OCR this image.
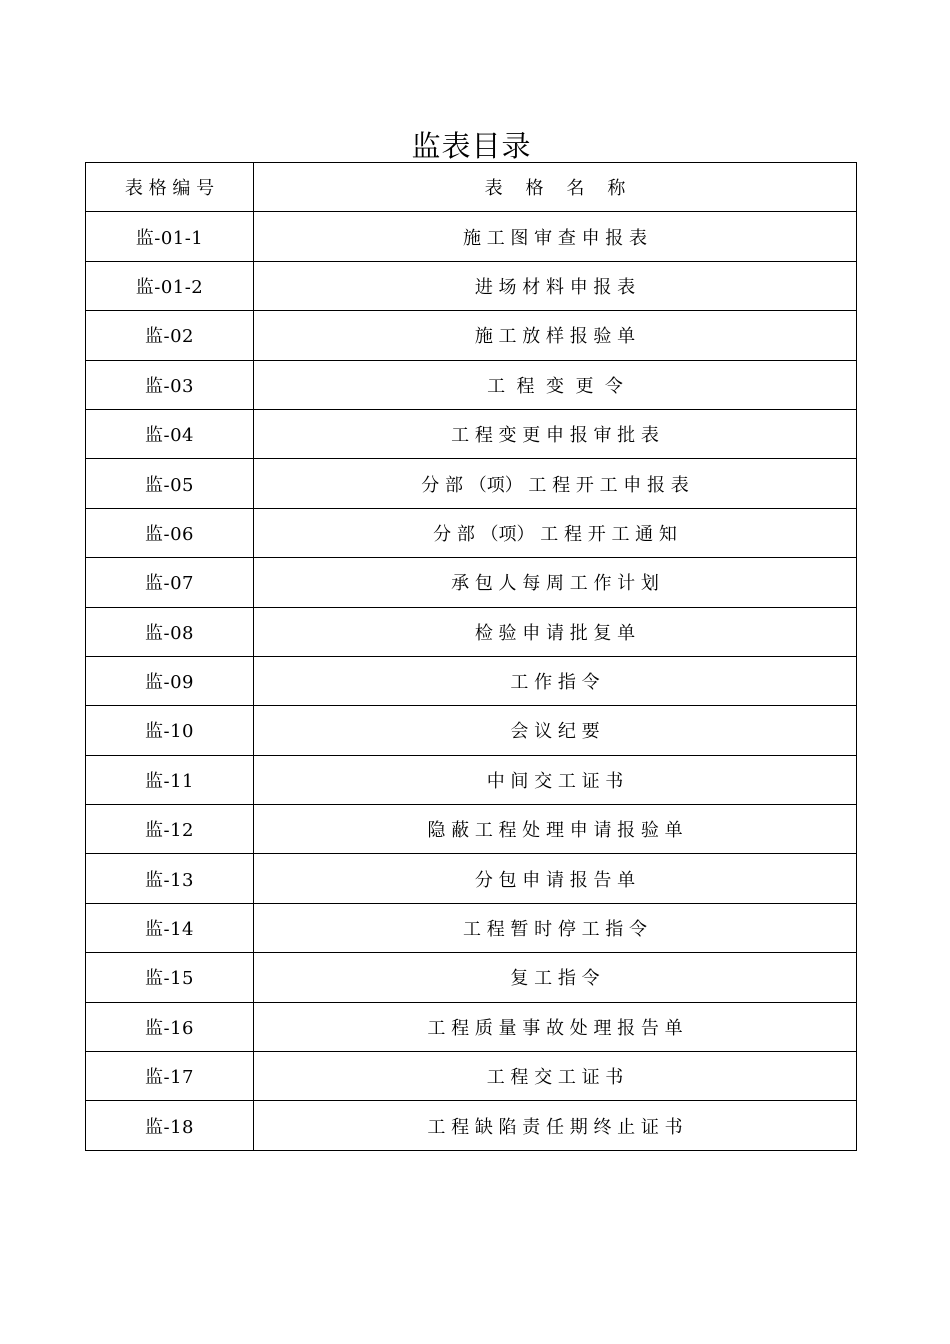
监表目录
表 格 编 号	表    格    名    称
监-01-1	施 工 图 审 查 申 报 表
监-01-2	进 场 材 料 申 报 表
监-02	施 工 放 样 报 验 单
监-03	工  程  变  更  令
监-04	工 程 变 更 申 报 审 批 表
监-05	分 部 （项） 工 程 开 工 申 报 表
监-06	分 部 （项） 工 程 开 工 通 知
监-07	承 包 人 每 周 工 作 计 划
监-08	检 验 申 请 批 复 单
监-09	工 作 指 令
监-10	会 议 纪 要
监-11	中 间 交 工 证 书
监-12	隐 蔽 工 程 处 理 申 请 报 验 单
监-13	分 包 申 请 报 告 单
监-14	工 程 暂 时 停 工 指 令
监-15	复 工 指 令
监-16	工 程 质 量 事 故 处 理 报 告 单
监-17	工 程 交 工 证 书
监-18	工 程 缺 陷 责 任 期 终 止 证 书
